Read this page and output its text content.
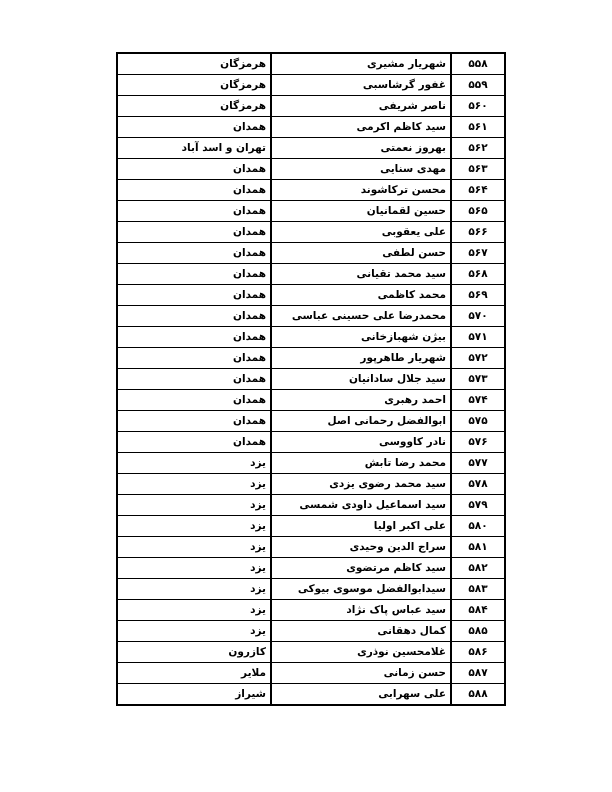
۵۵۸	شهریار مشیری	هرمزگان
۵۵۹	غفور گرشاسبی	هرمزگان
۵۶۰	ناصر شریفی	هرمزگان
۵۶۱	سید کاظم اکرمی	همدان
۵۶۲	بهروز نعمتی	تهران و اسد آباد
۵۶۳	مهدی سنایی	همدان
۵۶۴	محسن ترکاشوند	همدان
۵۶۵	حسین لقمانیان	همدان
۵۶۶	علی یعقوبی	همدان
۵۶۷	حسن لطفی	همدان
۵۶۸	سید محمد تقیانی	همدان
۵۶۹	محمد کاظمی	همدان
۵۷۰	محمدرضا علی حسینی عباسی	همدان
۵۷۱	بیژن شهبازخانی	همدان
۵۷۲	شهریار طاهرپور	همدان
۵۷۳	سید جلال سادانیان	همدان
۵۷۴	احمد رهبری	همدان
۵۷۵	ابوالفضل رحمانی اصل	همدان
۵۷۶	نادر کاووسی	همدان
۵۷۷	محمد رضا تابش	یزد
۵۷۸	سید محمد رضوی یزدی	یزد
۵۷۹	سید اسماعیل داودی شمسی	یزد
۵۸۰	علی اکبر اولیا	یزد
۵۸۱	سراج الدین وحیدی	یزد
۵۸۲	سید کاظم مرتضوی	یزد
۵۸۳	سیدابوالفضل موسوی بیوکی	یزد
۵۸۴	سید عباس پاک نژاد	یزد
۵۸۵	کمال دهقانی	یزد
۵۸۶	غلامحسین نوذری	کازرون
۵۸۷	حسن زمانی	ملایر
۵۸۸	علی سهرابی	شیراز
